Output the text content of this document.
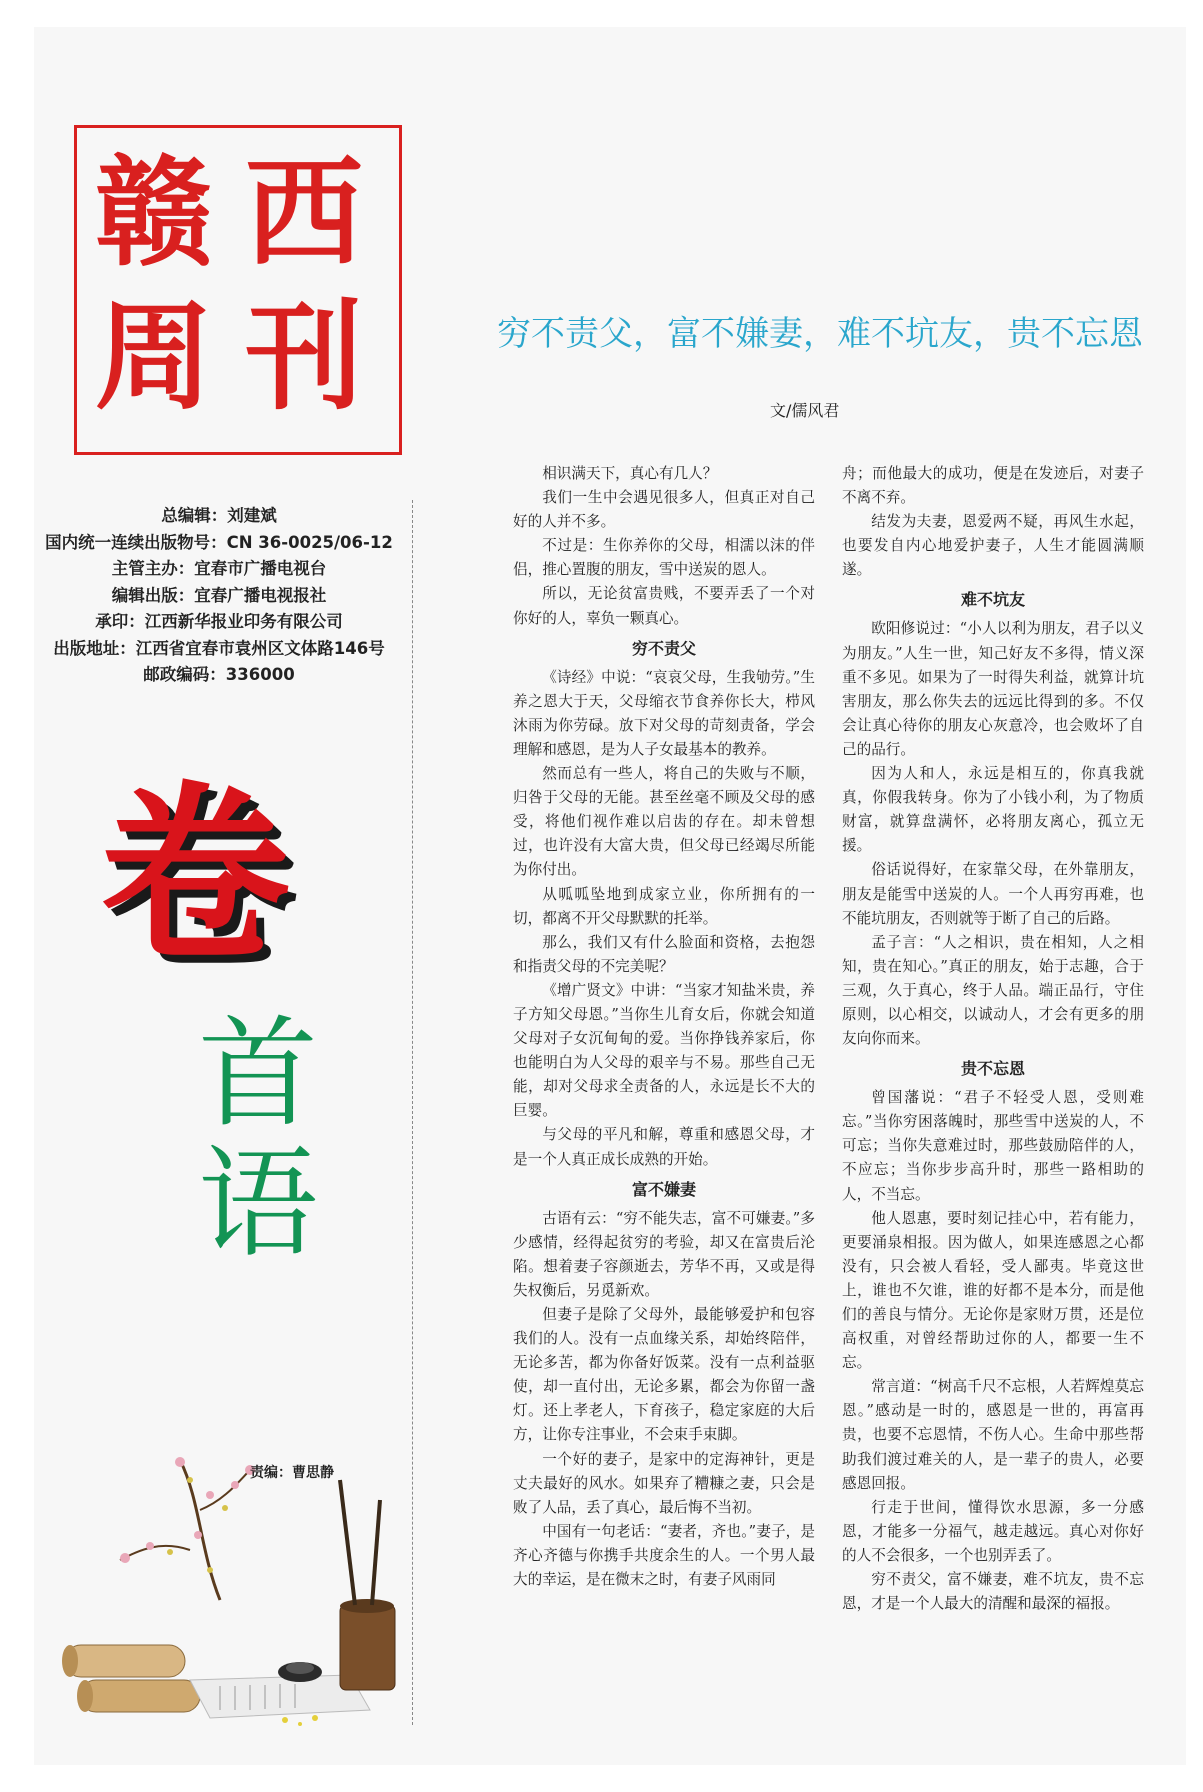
赣 西
周 刊
总编辑：刘建斌
国内统一连续出版物号：CN 36-0025/06-12
主管主办：宜春市广播电视台
编辑出版：宜春广播电视报社
承印：江西新华报业印务有限公司
出版地址：江西省宜春市袁州区文体路146号
邮政编码：336000
卷
首
语
责编：曹思静
穷不责父，富不嫌妻，难不坑友，贵不忘恩
文/儒风君

相识满天下，真心有几人？

我们一生中会遇见很多人，但真正对自己好的人并不多。

不过是：生你养你的父母，相濡以沫的伴侣，推心置腹的朋友，雪中送炭的恩人。

所以，无论贫富贵贱，不要弄丢了一个对你好的人，辜负一颗真心。

穷不责父

《诗经》中说：“哀哀父母，生我劬劳。”生养之恩大于天，父母缩衣节食养你长大，栉风沐雨为你劳碌。放下对父母的苛刻责备，学会理解和感恩，是为人子女最基本的教养。

然而总有一些人，将自己的失败与不顺，归咎于父母的无能。甚至丝毫不顾及父母的感受，将他们视作难以启齿的存在。却未曾想过，也许没有大富大贵，但父母已经竭尽所能为你付出。

从呱呱坠地到成家立业，你所拥有的一切，都离不开父母默默的托举。

那么，我们又有什么脸面和资格，去抱怨和指责父母的不完美呢？

《增广贤文》中讲：“当家才知盐米贵，养子方知父母恩。”当你生儿育女后，你就会知道父母对子女沉甸甸的爱。当你挣钱养家后，你也能明白为人父母的艰辛与不易。那些自己无能，却对父母求全责备的人，永远是长不大的巨婴。

与父母的平凡和解，尊重和感恩父母，才是一个人真正成长成熟的开始。

富不嫌妻

古语有云：“穷不能失志，富不可嫌妻。”多少感情，经得起贫穷的考验，却又在富贵后沦陷。想着妻子容颜逝去，芳华不再，又或是得失权衡后，另觅新欢。

但妻子是除了父母外，最能够爱护和包容我们的人。没有一点血缘关系，却始终陪伴，无论多苦，都为你备好饭菜。没有一点利益驱使，却一直付出，无论多累，都会为你留一盏灯。还上孝老人，下育孩子，稳定家庭的大后方，让你专注事业，不会束手束脚。

一个好的妻子，是家中的定海神针，更是丈夫最好的风水。如果弃了糟糠之妻，只会是败了人品，丢了真心，最后悔不当初。

中国有一句老话：“妻者，齐也。”妻子，是齐心齐德与你携手共度余生的人。一个男人最大的幸运，是在微末之时，有妻子风雨同

舟；而他最大的成功，便是在发迹后，对妻子不离不弃。

结发为夫妻，恩爱两不疑，再风生水起，也要发自内心地爱护妻子，人生才能圆满顺遂。

难不坑友

欧阳修说过：“小人以利为朋友，君子以义为朋友。”人生一世，知己好友不多得，情义深重不多见。如果为了一时得失利益，就算计坑害朋友，那么你失去的远远比得到的多。不仅会让真心待你的朋友心灰意冷，也会败坏了自己的品行。

因为人和人，永远是相互的，你真我就真，你假我转身。你为了小钱小利，为了物质财富，就算盘满怀，必将朋友离心，孤立无援。

俗话说得好，在家靠父母，在外靠朋友，朋友是能雪中送炭的人。一个人再穷再难，也不能坑朋友，否则就等于断了自己的后路。

孟子言：“人之相识，贵在相知，人之相知，贵在知心。”真正的朋友，始于志趣，合于三观，久于真心，终于人品。端正品行，守住原则，以心相交，以诚动人，才会有更多的朋友向你而来。

贵不忘恩

曾国藩说：“君子不轻受人恩，受则难忘。”当你穷困落魄时，那些雪中送炭的人，不可忘；当你失意难过时，那些鼓励陪伴的人，不应忘；当你步步高升时，那些一路相助的人，不当忘。

他人恩惠，要时刻记挂心中，若有能力，更要涌泉相报。因为做人，如果连感恩之心都没有，只会被人看轻，受人鄙夷。毕竟这世上，谁也不欠谁，谁的好都不是本分，而是他们的善良与情分。无论你是家财万贯，还是位高权重，对曾经帮助过你的人，都要一生不忘。

常言道：“树高千尺不忘根，人若辉煌莫忘恩。”感动是一时的，感恩是一世的，再富再贵，也要不忘恩情，不伤人心。生命中那些帮助我们渡过难关的人，是一辈子的贵人，必要感恩回报。

行走于世间，懂得饮水思源，多一分感恩，才能多一分福气，越走越远。真心对你好的人不会很多，一个也别弄丢了。

穷不责父，富不嫌妻，难不坑友，贵不忘恩，才是一个人最大的清醒和最深的福报。
